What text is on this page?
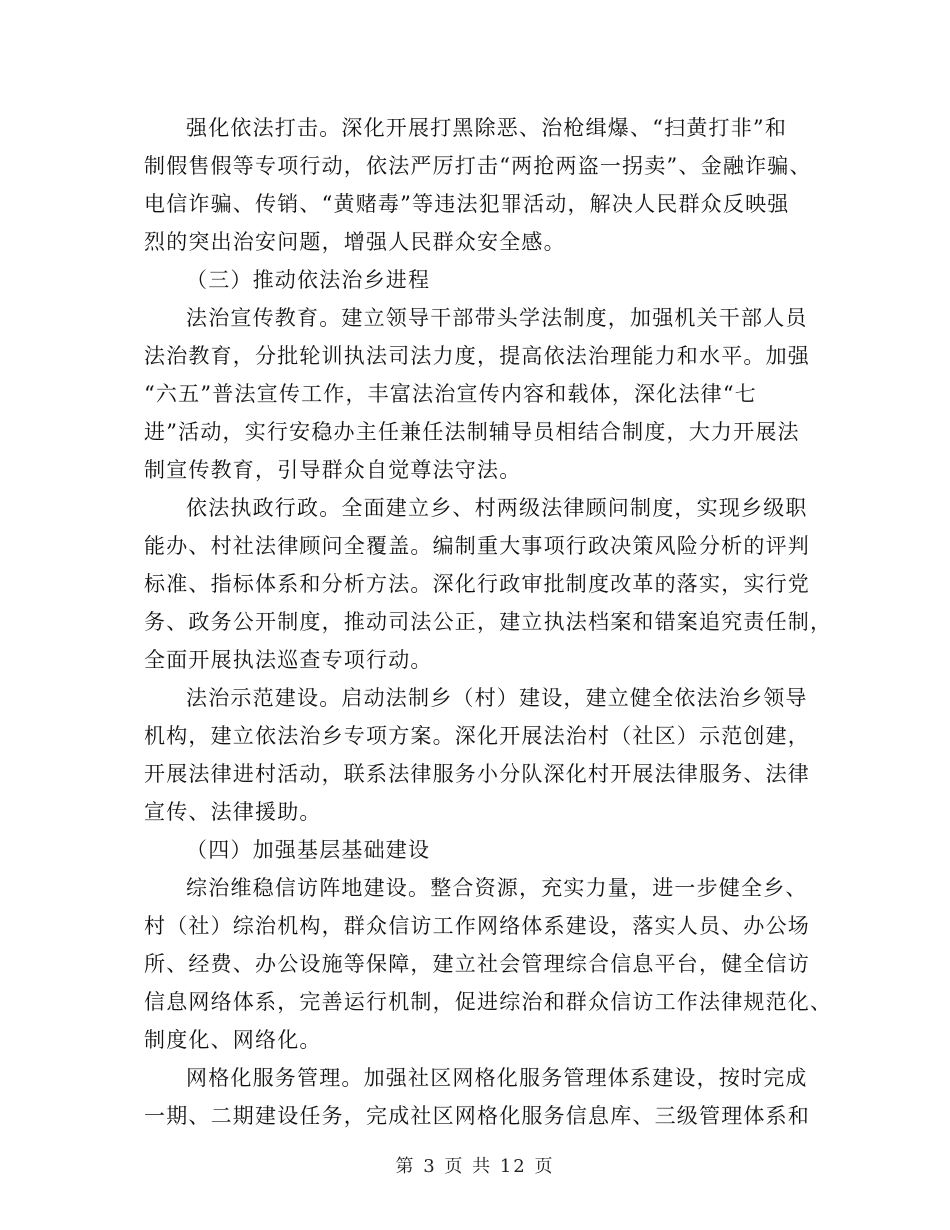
强化依法打击。深化开展打黑除恶、治枪缉爆、“扫黄打非”和
制假售假等专项行动，依法严厉打击“两抢两盗一拐卖”、金融诈骗、
电信诈骗、传销、“黄赌毒”等违法犯罪活动，解决人民群众反映强
烈的突出治安问题，增强人民群众安全感。
（三）推动依法治乡进程
法治宣传教育。建立领导干部带头学法制度，加强机关干部人员
法治教育，分批轮训执法司法力度，提高依法治理能力和水平。加强
“六五”普法宣传工作，丰富法治宣传内容和载体，深化法律“七
进”活动，实行安稳办主任兼任法制辅导员相结合制度，大力开展法
制宣传教育，引导群众自觉尊法守法。
依法执政行政。全面建立乡、村两级法律顾问制度，实现乡级职
能办、村社法律顾问全覆盖。编制重大事项行政决策风险分析的评判
标准、指标体系和分析方法。深化行政审批制度改革的落实，实行党
务、政务公开制度，推动司法公正，建立执法档案和错案追究责任制，
全面开展执法巡查专项行动。
法治示范建设。启动法制乡（村）建设，建立健全依法治乡领导
机构，建立依法治乡专项方案。深化开展法治村（社区）示范创建，
开展法律进村活动，联系法律服务小分队深化村开展法律服务、法律
宣传、法律援助。
（四）加强基层基础建设
综治维稳信访阵地建设。整合资源，充实力量，进一步健全乡、
村（社）综治机构，群众信访工作网络体系建设，落实人员、办公场
所、经费、办公设施等保障，建立社会管理综合信息平台，健全信访
信息网络体系，完善运行机制，促进综治和群众信访工作法律规范化、
制度化、网络化。
网格化服务管理。加强社区网格化服务管理体系建设，按时完成
一期、二期建设任务，完成社区网格化服务信息库、三级管理体系和
第 3 页 共 12 页
